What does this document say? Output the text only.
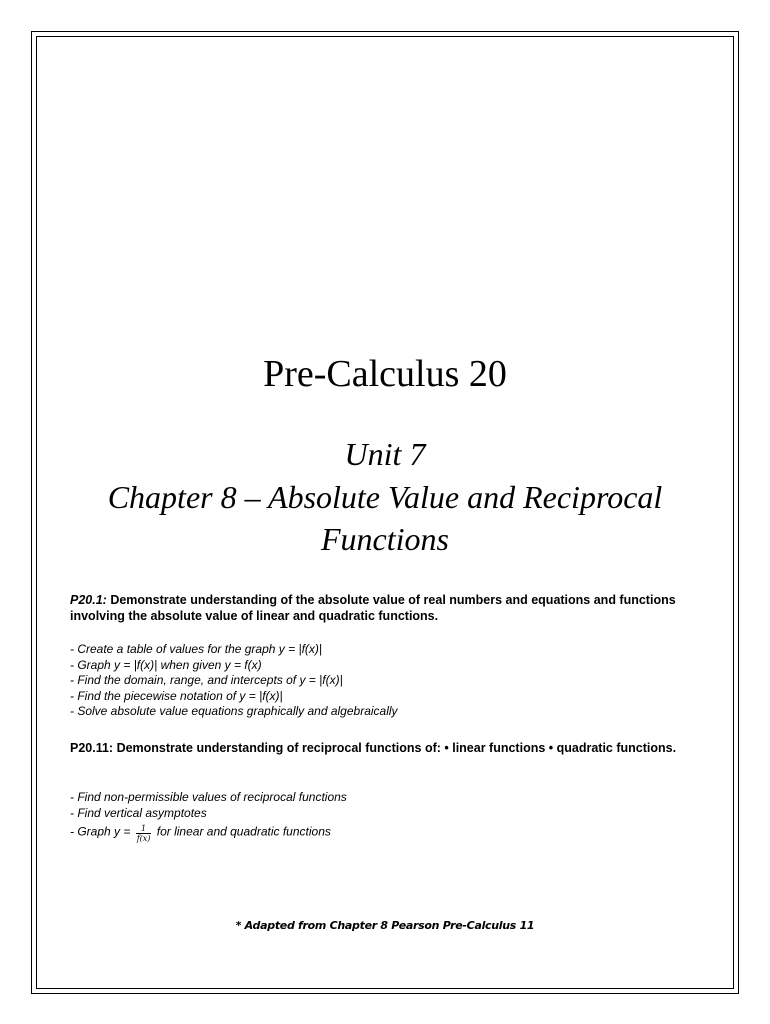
Pre-Calculus 20
Unit 7
Chapter 8 – Absolute Value and Reciprocal
Functions
P20.1: Demonstrate understanding of the absolute value of real numbers and equations and functions involving the absolute value of linear and quadratic functions.
- Create a table of values for the graph y = |f(x)|
- Graph y = |f(x)| when given y = f(x)
- Find the domain, range, and intercepts of y = |f(x)|
- Find the piecewise notation of y = |f(x)|
- Solve absolute value equations graphically and algebraically
P20.11: Demonstrate understanding of reciprocal functions of: • linear functions • quadratic functions.
- Find non-permissible values of reciprocal functions
- Find vertical asymptotes
- Graph $y = \frac{1}{f(x)}$ for linear and quadratic functions
* Adapted from Chapter 8 Pearson Pre-Calculus 11
